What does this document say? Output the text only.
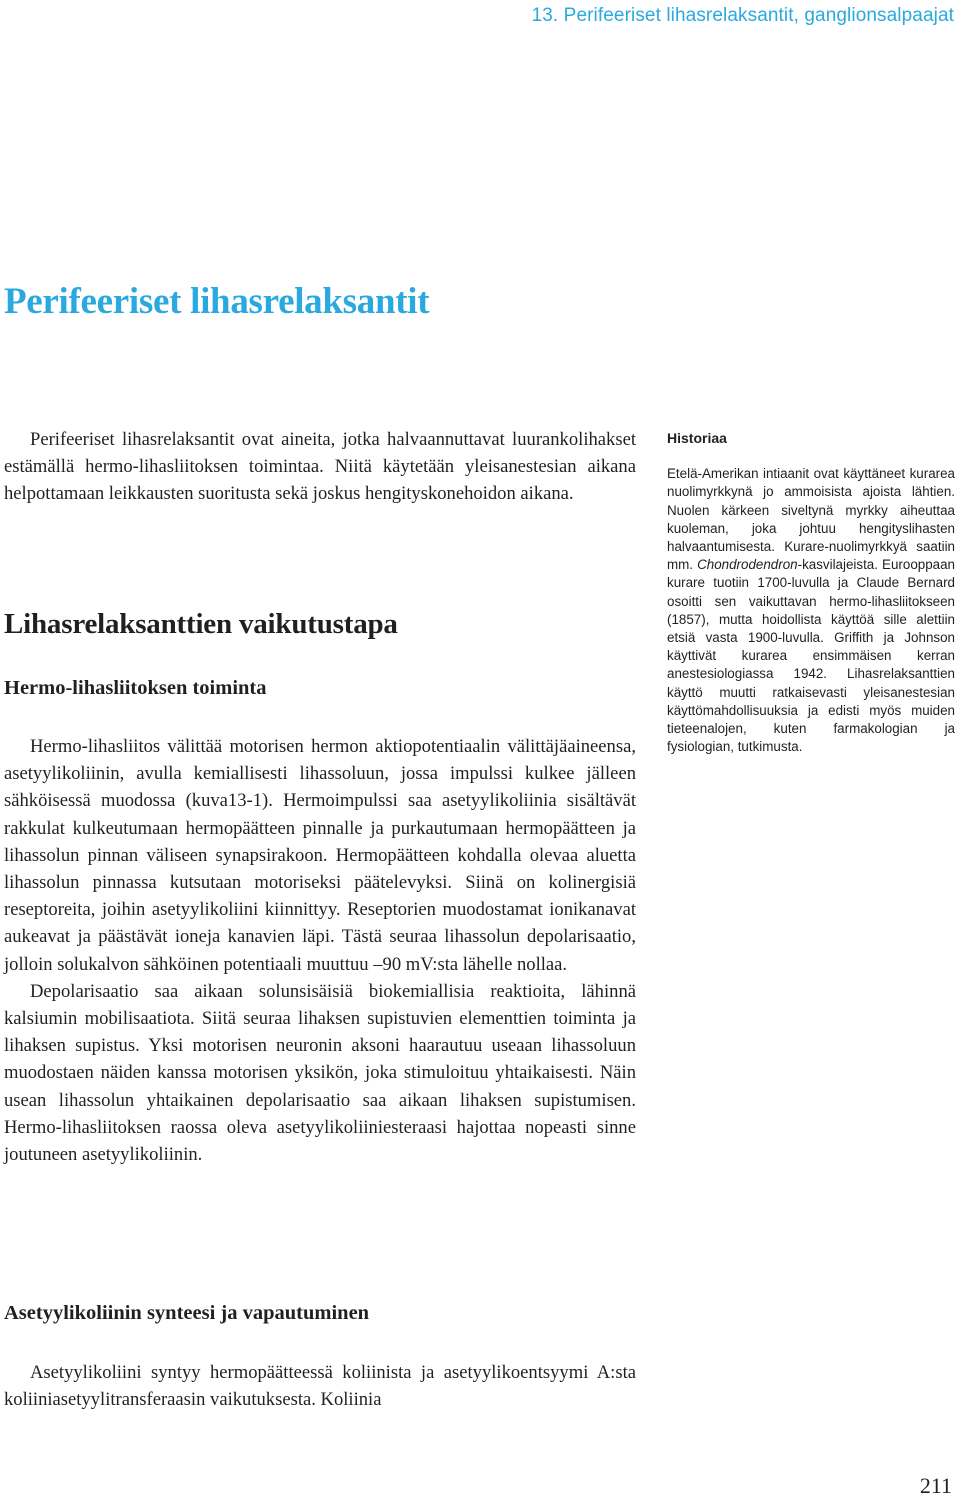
13. Perifeeriset lihasrelaksantit, ganglionsalpaajat
Perifeeriset lihasrelaksantit

Perifeeriset lihasrelaksantit ovat aineita, jotka halvaannuttavat luurankolihakset estämällä hermo-lihasliitoksen toimintaa. Niitä käytetään yleisanestesian aikana helpottamaan leikkausten suoritusta sekä joskus hengityskonehoidon aikana.

Lihasrelaksanttien vaikutustapa
Hermo-lihasliitoksen toiminta

Hermo-lihasliitos välittää motorisen hermon aktiopotentiaalin välittäjäaineensa, asetyylikoliinin, avulla kemiallisesti lihassoluun, jossa impulssi kulkee jälleen sähköisessä muodossa (kuva13-1). Hermoimpulssi saa asetyylikoliinia sisältävät rakkulat kulkeutumaan hermopäätteen pinnalle ja purkautumaan hermopäätteen ja lihassolun pinnan väliseen synapsirakoon. Hermopäätteen kohdalla olevaa aluetta lihassolun pinnassa kutsutaan motoriseksi päätelevyksi. Siinä on kolinergisiä reseptoreita, joihin asetyylikoliini kiinnittyy. Reseptorien muodostamat ionikanavat aukeavat ja päästävät ioneja kanavien läpi. Tästä seuraa lihassolun depolarisaatio, jolloin solukalvon sähköinen potentiaali muuttuu –90 mV:sta lähelle nollaa.

Depolarisaatio saa aikaan solunsisäisiä biokemiallisia reaktioita, lähinnä kalsiumin mobilisaatiota. Siitä seuraa lihaksen supistuvien elementtien toiminta ja lihaksen supistus. Yksi motorisen neuronin aksoni haarautuu useaan lihassoluun muodostaen näiden kanssa motorisen yksikön, joka stimuloituu yhtaikaisesti. Näin usean lihassolun yhtaikainen depolarisaatio saa aikaan lihaksen supistumisen. Hermo-lihasliitoksen raossa oleva asetyylikoliiniesteraasi hajottaa nopeasti sinne joutuneen asetyylikoliinin.

Asetyylikoliinin synteesi ja vapautuminen

Asetyylikoliini syntyy hermopäätteessä koliinista ja asetyylikoentsyymi A:sta koliiniasetyylitransferaasin vaikutuksesta. Koliinia

Historiaa

Etelä-Amerikan intiaanit ovat käyttäneet kurarea nuolimyrkkynä jo ammoisista ajoista lähtien. Nuolen kärkeen siveltynä myrkky aiheuttaa kuoleman, joka johtuu hengityslihasten halvaantumisesta. Kurare-nuolimyrkkyä saatiin mm. Chondrodendron-kasvilajeista. Eurooppaan kurare tuotiin 1700-luvulla ja Claude Bernard osoitti sen vaikuttavan hermo-lihasliitokseen (1857), mutta hoidollista käyttöä sille alettiin etsiä vasta 1900-luvulla. Griffith ja Johnson käyttivät kurarea ensimmäisen kerran anestesiologiassa 1942. Lihasrelaksanttien käyttö muutti ratkaisevasti yleisanestesian käyttömahdollisuuksia ja edisti myös muiden tieteenalojen, kuten farmakologian ja fysiologian, tutkimusta.

211
